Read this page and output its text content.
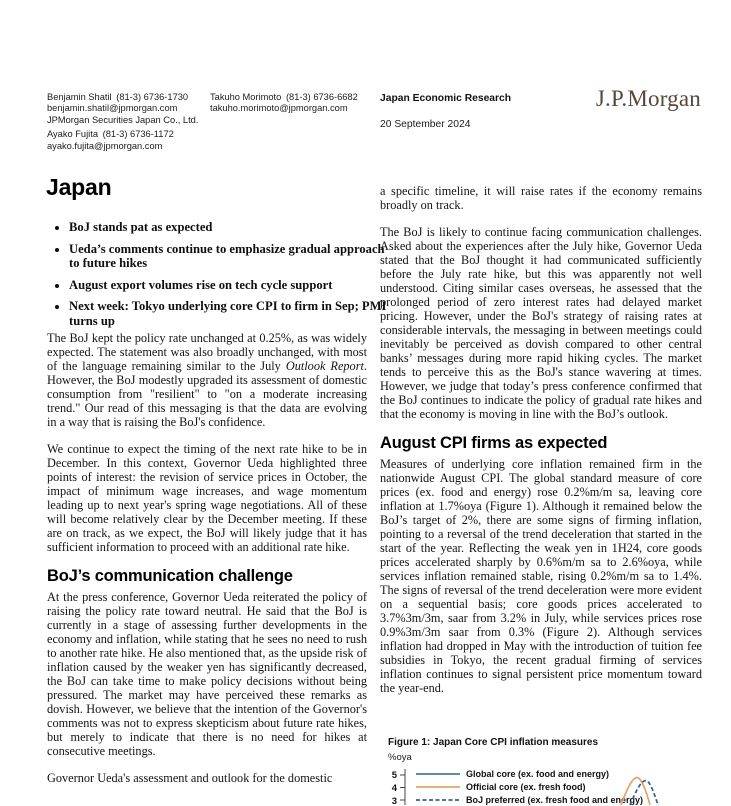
Benjamin Shatil (81-3) 6736-1730
benjamin.shatil@jpmorgan.com
JPMorgan Securities Japan Co., Ltd.
Ayako Fujita (81-3) 6736-1172
ayako.fujita@jpmorgan.com
Takuho Morimoto (81-3) 6736-6682
takuho.morimoto@jpmorgan.com
Japan Economic Research
20 September 2024
J.P.Morgan
Japan
• BoJ stands pat as expected
• Ueda’s comments continue to emphasize gradual approach to future hikes
• August export volumes rise on tech cycle support
• Next week: Tokyo underlying core CPI to firm in Sep; PMI turns up

The BoJ kept the policy rate unchanged at 0.25%, as was widely expected. The statement was also broadly unchanged, with most of the language remaining similar to the July Outlook Report. However, the BoJ modestly upgraded its assessment of domestic consumption from "resilient" to "on a moderate increasing trend." Our read of this messaging is that the data are evolving in a way that is raising the BoJ's confidence.

We continue to expect the timing of the next rate hike to be in December. In this context, Governor Ueda highlighted three points of interest: the revision of service prices in October, the impact of minimum wage increases, and wage momentum leading up to next year's spring wage negotiations. All of these will become relatively clear by the December meeting. If these are on track, as we expect, the BoJ will likely judge that it has sufficient information to proceed with an additional rate hike.

BoJ’s communication challenge

At the press conference, Governor Ueda reiterated the policy of raising the policy rate toward neutral. He said that the BoJ is currently in a stage of assessing further developments in the economy and inflation, while stating that he sees no need to rush to another rate hike. He also mentioned that, as the upside risk of inflation caused by the weaker yen has significantly decreased, the BoJ can take time to make policy decisions without being pressured. The market may have perceived these remarks as dovish. However, we believe that the intention of the Governor's comments was not to express skepticism about future rate hikes, but merely to indicate that there is no need for hikes at consecutive meetings.

Governor Ueda's assessment and outlook for the domestic

a specific timeline, it will raise rates if the economy remains broadly on track.

The BoJ is likely to continue facing communication challenges. Asked about the experiences after the July hike, Governor Ueda stated that the BoJ thought it had communicated sufficiently before the July rate hike, but this was apparently not well understood. Citing similar cases overseas, he assessed that the prolonged period of zero interest rates had delayed market pricing. However, under the BoJ's strategy of raising rates at considerable intervals, the messaging in between meetings could inevitably be perceived as dovish compared to other central banks’ messages during more rapid hiking cycles. The market tends to perceive this as the BoJ's stance wavering at times. However, we judge that today’s press conference confirmed that the BoJ continues to indicate the policy of gradual rate hikes and that the economy is moving in line with the BoJ’s outlook.

August CPI firms as expected

Measures of underlying core inflation remained firm in the nationwide August CPI. The global standard measure of core prices (ex. food and energy) rose 0.2%m/m sa, leaving core inflation at 1.7%oya (Figure 1). Although it remained below the BoJ’s target of 2%, there are some signs of firming inflation, pointing to a reversal of the trend deceleration that started in the start of the year. Reflecting the weak yen in 1H24, core goods prices accelerated sharply by 0.6%m/m sa to 2.6%oya, while services inflation remained stable, rising 0.2%m/m sa to 1.4%. The signs of reversal of the trend deceleration were more evident on a sequential basis; core goods prices accelerated to 3.7%3m/3m, saar from 3.2% in July, while services prices rose 0.9%3m/3m saar from 0.3% (Figure 2). Although services inflation had dropped in May with the introduction of tuition fee subsidies in Tokyo, the recent gradual firming of services inflation continues to signal persistent price momentum toward the year-end.

Figure 1: Japan Core CPI inflation measures
%oya
5
4
3
Global core (ex. food and energy)
Official core (ex. fresh food)
BoJ preferred (ex. fresh food and energy)
